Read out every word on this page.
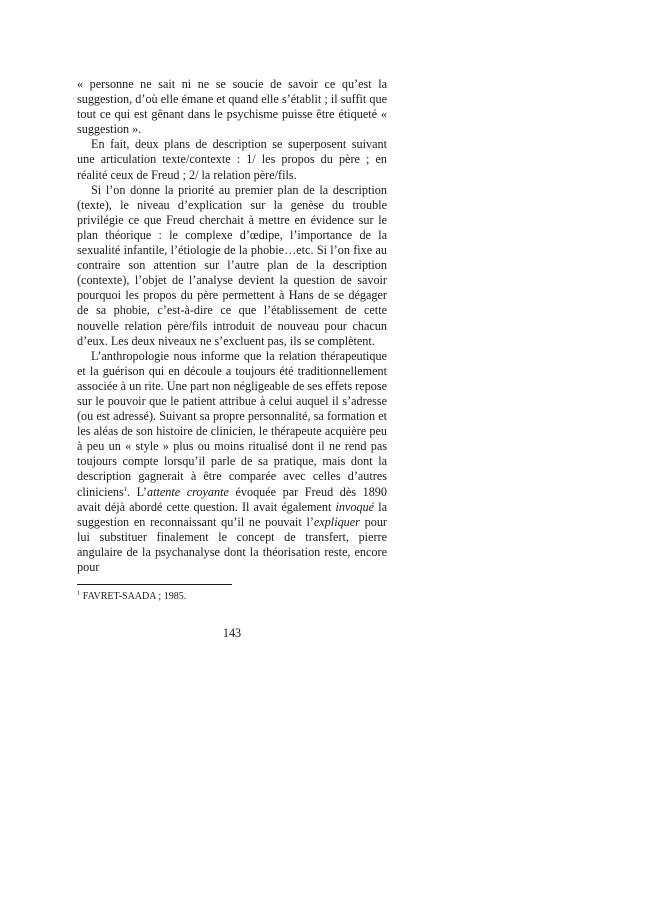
« personne ne sait ni ne se soucie de savoir ce qu’est la suggestion, d’où elle émane et quand elle s’établit ; il suffit que tout ce qui est gênant dans le psychisme puisse être étiqueté « suggestion ».

En fait, deux plans de description se superposent suivant une articulation texte/contexte : 1/ les propos du père ; en réalité ceux de Freud ; 2/ la relation père/fils.

Si l’on donne la priorité au premier plan de la description (texte), le niveau d’explication sur la genèse du trouble privilégie ce que Freud cherchait à mettre en évidence sur le plan théorique : le complexe d’œdipe, l’importance de la sexualité infantile, l’étiologie de la phobie…etc. Si l’on fixe au contraire son attention sur l’autre plan de la description (contexte), l’objet de l’analyse devient la question de savoir pourquoi les propos du père permettent à Hans de se dégager de sa phobie, c’est-à-dire ce que l’établissement de cette nouvelle relation père/fils introduit de nouveau pour chacun d’eux. Les deux niveaux ne s’excluent pas, ils se complètent.

L’anthropologie nous informe que la relation thérapeutique et la guérison qui en découle a toujours été traditionnellement associée à un rite. Une part non négligeable de ses effets repose sur le pouvoir que le patient attribue à celui auquel il s’adresse (ou est adressé). Suivant sa propre personnalité, sa formation et les aléas de son histoire de clinicien, le thérapeute acquière peu à peu un « style » plus ou moins ritualisé dont il ne rend pas toujours compte lorsqu’il parle de sa pratique, mais dont la description gagnerait à être comparée avec celles d’autres cliniciens$^1$. L’attente croyante évoquée par Freud dès 1890 avait déjà abordé cette question. Il avait également invoqué la suggestion en reconnaissant qu’il ne pouvait l’expliquer pour lui substituer finalement le concept de transfert, pierre angulaire de la psychanalyse dont la théorisation reste, encore pour

$^1$ FAVRET-SAADA ; 1985.
143
